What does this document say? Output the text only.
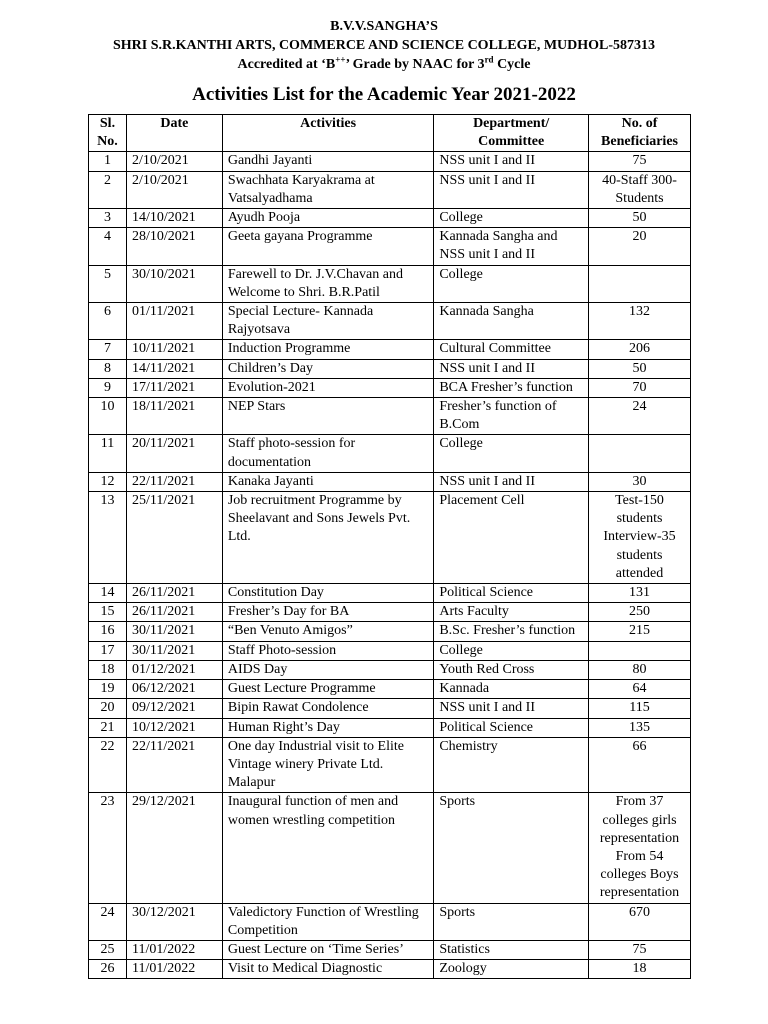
B.V.V.SANGHA’S
SHRI S.R.KANTHI ARTS, COMMERCE AND SCIENCE COLLEGE, MUDHOL-587313
Accredited at ‘B++’ Grade by NAAC for 3rd Cycle
Activities List for the Academic Year 2021-2022
Sl. No.	Date	Activities	Department/ Committee	No. of Beneficiaries
1	2/10/2021	Gandhi Jayanti	NSS unit I and II	75
2	2/10/2021	Swachhata Karyakrama at Vatsalyadhama	NSS unit I and II	40-Staff 300- Students
3	14/10/2021	Ayudh Pooja	College	50
4	28/10/2021	Geeta gayana Programme	Kannada Sangha and NSS unit I and II	20
5	30/10/2021	Farewell to Dr. J.V.Chavan and Welcome to Shri. B.R.Patil	College	
6	01/11/2021	Special Lecture- Kannada Rajyotsava	Kannada Sangha	132
7	10/11/2021	Induction Programme	Cultural Committee	206
8	14/11/2021	Children’s Day	NSS unit I and II	50
9	17/11/2021	Evolution-2021	BCA Fresher’s function	70
10	18/11/2021	NEP Stars	Fresher’s function of B.Com	24
11	20/11/2021	Staff photo-session for documentation	College	
12	22/11/2021	Kanaka Jayanti	NSS unit I and II	30
13	25/11/2021	Job recruitment Programme by Sheelavant and Sons Jewels Pvt. Ltd.	Placement Cell	Test-150 students Interview-35 students attended
14	26/11/2021	Constitution Day	Political Science	131
15	26/11/2021	Fresher’s Day for BA	Arts Faculty	250
16	30/11/2021	“Ben Venuto Amigos”	B.Sc. Fresher’s function	215
17	30/11/2021	Staff Photo-session	College	
18	01/12/2021	AIDS Day	Youth Red Cross	80
19	06/12/2021	Guest Lecture Programme	Kannada	64
20	09/12/2021	Bipin Rawat Condolence	NSS unit I and II	115
21	10/12/2021	Human Right’s Day	Political Science	135
22	22/11/2021	One day Industrial visit to Elite Vintage winery Private Ltd. Malapur	Chemistry	66
23	29/12/2021	Inaugural function of men and women wrestling competition	Sports	From 37 colleges girls representation From 54 colleges Boys representation
24	30/12/2021	Valedictory Function of Wrestling Competition	Sports	670
25	11/01/2022	Guest Lecture on ‘Time Series’	Statistics	75
26	11/01/2022	Visit to Medical Diagnostic	Zoology	18
